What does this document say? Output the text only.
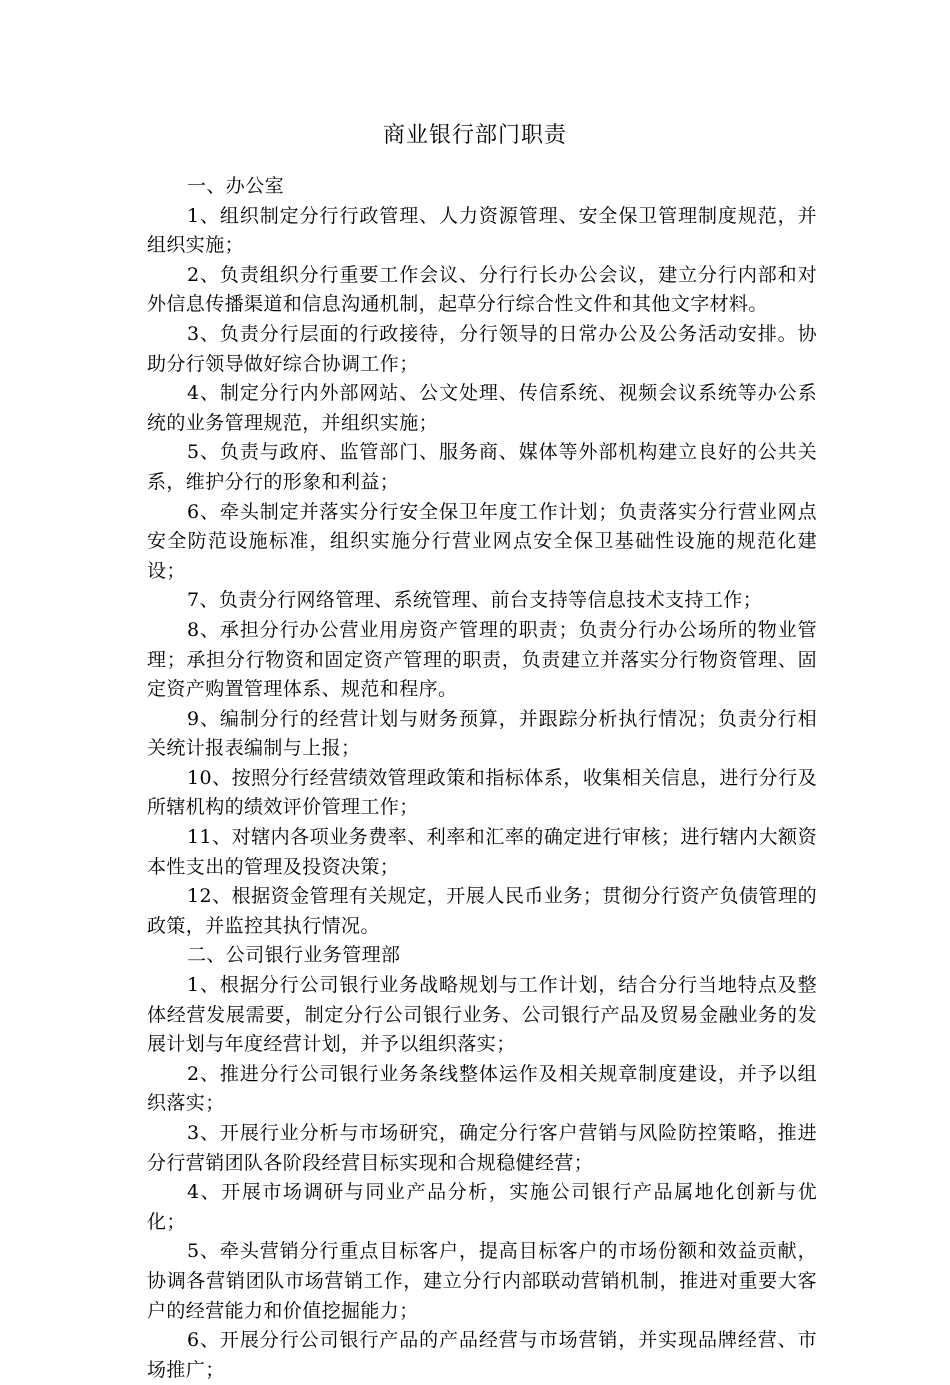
商业银行部门职责

一、办公室

1、组织制定分行行政管理、人力资源管理、安全保卫管理制度规范，并组织实施；

2、负责组织分行重要工作会议、分行行长办公会议，建立分行内部和对外信息传播渠道和信息沟通机制，起草分行综合性文件和其他文字材料。

3、负责分行层面的行政接待，分行领导的日常办公及公务活动安排。协助分行领导做好综合协调工作；

4、制定分行内外部网站、公文处理、传信系统、视频会议系统等办公系统的业务管理规范，并组织实施；

5、负责与政府、监管部门、服务商、媒体等外部机构建立良好的公共关系，维护分行的形象和利益；

6、牵头制定并落实分行安全保卫年度工作计划；负责落实分行营业网点安全防范设施标准，组织实施分行营业网点安全保卫基础性设施的规范化建设；

7、负责分行网络管理、系统管理、前台支持等信息技术支持工作；

8、承担分行办公营业用房资产管理的职责；负责分行办公场所的物业管理；承担分行物资和固定资产管理的职责，负责建立并落实分行物资管理、固定资产购置管理体系、规范和程序。

9、编制分行的经营计划与财务预算，并跟踪分析执行情况；负责分行相关统计报表编制与上报；

10、按照分行经营绩效管理政策和指标体系，收集相关信息，进行分行及所辖机构的绩效评价管理工作；

11、对辖内各项业务费率、利率和汇率的确定进行审核；进行辖内大额资本性支出的管理及投资决策；

12、根据资金管理有关规定，开展人民币业务；贯彻分行资产负债管理的政策，并监控其执行情况。

二、公司银行业务管理部

1、根据分行公司银行业务战略规划与工作计划，结合分行当地特点及整体经营发展需要，制定分行公司银行业务、公司银行产品及贸易金融业务的发展计划与年度经营计划，并予以组织落实；

2、推进分行公司银行业务条线整体运作及相关规章制度建设，并予以组织落实；

3、开展行业分析与市场研究，确定分行客户营销与风险防控策略，推进分行营销团队各阶段经营目标实现和合规稳健经营；

4、开展市场调研与同业产品分析，实施公司银行产品属地化创新与优化；

5、牵头营销分行重点目标客户，提高目标客户的市场份额和效益贡献，协调各营销团队市场营销工作，建立分行内部联动营销机制，推进对重要大客户的经营能力和价值挖掘能力；

6、开展分行公司银行产品的产品经营与市场营销，并实现品牌经营、市场推广；
